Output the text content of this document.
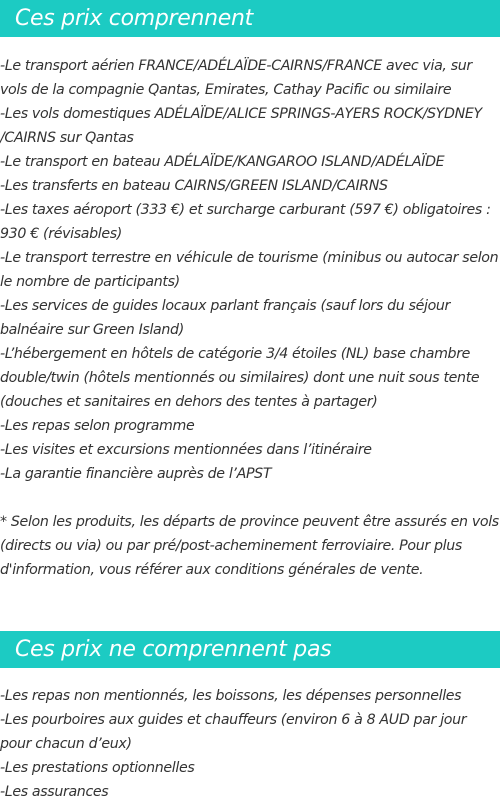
Ces prix comprennent
-Le transport aérien FRANCE/ADÉLAÏDE-CAIRNS/FRANCE avec via, sur vols de la compagnie Qantas, Emirates, Cathay Pacific ou similaire
-Les vols domestiques ADÉLAÏDE/ALICE SPRINGS-AYERS ROCK/SYDNEY /CAIRNS sur Qantas
-Le transport en bateau ADÉLAÏDE/KANGAROO ISLAND/ADÉLAÏDE
-Les transferts en bateau CAIRNS/GREEN ISLAND/CAIRNS
-Les taxes aéroport (333 €) et surcharge carburant (597 €) obligatoires : 930 € (révisables)
-Le transport terrestre en véhicule de tourisme (minibus ou autocar selon le nombre de participants)
-Les services de guides locaux parlant français (sauf lors du séjour balnéaire sur Green Island)
-L’hébergement en hôtels de catégorie 3/4 étoiles (NL) base chambre double/twin (hôtels mentionnés ou similaires) dont une nuit sous tente (douches et sanitaires en dehors des tentes à partager)
-Les repas selon programme
-Les visites et excursions mentionnées dans l’itinéraire
-La garantie financière auprès de l’APST

* Selon les produits, les départs de province peuvent être assurés en vols (directs ou via) ou par pré/post-acheminement ferroviaire. Pour plus d'information, vous référer aux conditions générales de vente.

Ces prix ne comprennent pas
-Les repas non mentionnés, les boissons, les dépenses personnelles
-Les pourboires aux guides et chauffeurs (environ 6 à 8 AUD par jour pour chacun d’eux)
-Les prestations optionnelles
-Les assurances
